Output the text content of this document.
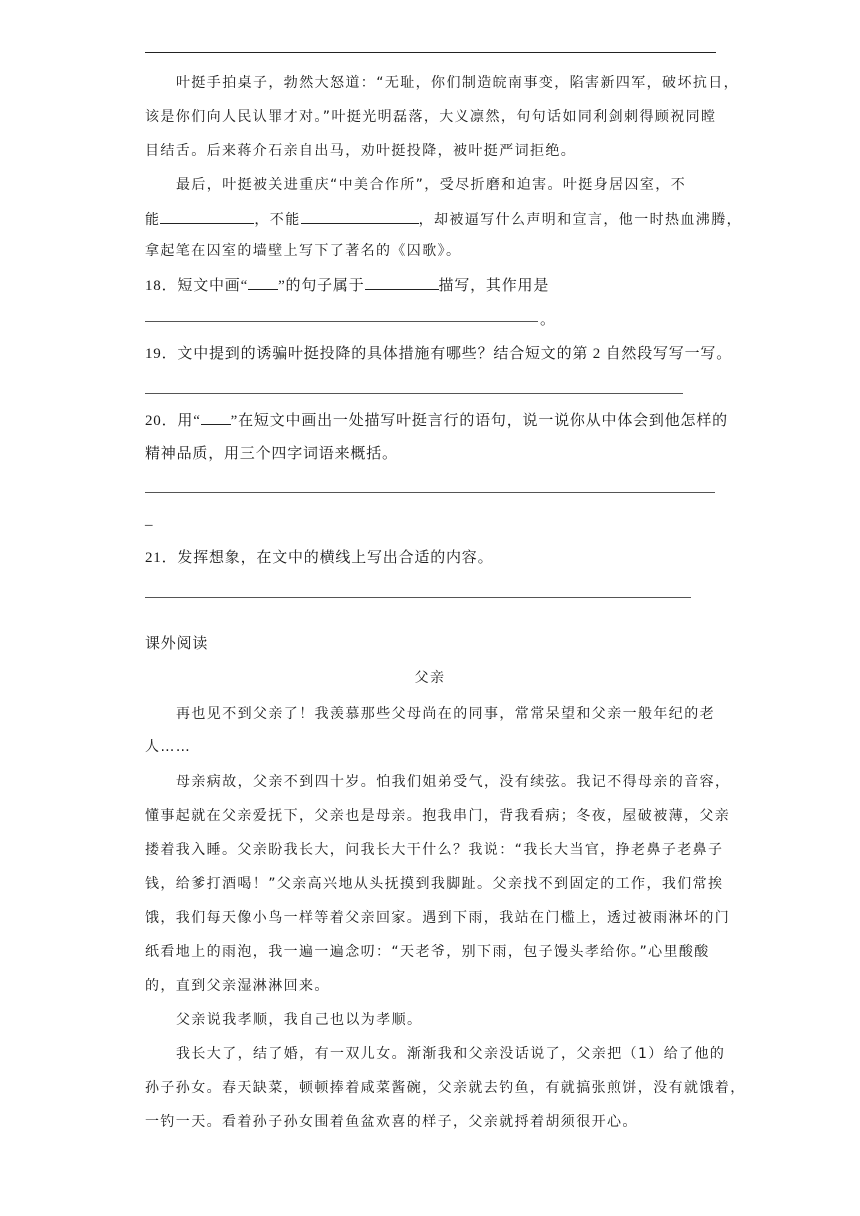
叶挺手拍桌子，勃然大怒道：“无耻，你们制造皖南事变，陷害新四军，破坏抗日，
该是你们向人民认罪才对。”叶挺光明磊落，大义凛然，句句话如同利剑刺得顾祝同瞠
目结舌。后来蒋介石亲自出马，劝叶挺投降，被叶挺严词拒绝。
最后，叶挺被关进重庆“中美合作所”，受尽折磨和迫害。叶挺身居囚室，不
能	，不能	，却被逼写什么声明和宣言，他一时热血沸腾，
拿起笔在囚室的墙壁上写下了著名的《囚歌》。
18．短文中画“ ”的句子属于	描写，其作用是
。
19．文中提到的诱骗叶挺投降的具体措施有哪些？结合短文的第 2 自然段写写一写。
20．用“ ”在短文中画出一处描写叶挺言行的语句，说一说你从中体会到他怎样的
精神品质，用三个四字词语来概括。
_
21．发挥想象，在文中的横线上写出合适的内容。
课外阅读
父亲
再也见不到父亲了！我羡慕那些父母尚在的同事，常常呆望和父亲一般年纪的老
人……
母亲病故，父亲不到四十岁。怕我们姐弟受气，没有续弦。我记不得母亲的音容，
懂事起就在父亲爱抚下，父亲也是母亲。抱我串门，背我看病；冬夜，屋破被薄，父亲
搂着我入睡。父亲盼我长大，问我长大干什么？我说：“我长大当官，挣老鼻子老鼻子
钱，给爹打酒喝！”父亲高兴地从头抚摸到我脚趾。父亲找不到固定的工作，我们常挨
饿，我们每天像小鸟一样等着父亲回家。遇到下雨，我站在门槛上，透过被雨淋坏的门
纸看地上的雨泡，我一遍一遍念叨：“天老爷，别下雨，包子馒头孝给你。”心里酸酸
的，直到父亲湿淋淋回来。
父亲说我孝顺，我自己也以为孝顺。
我长大了，结了婚，有一双儿女。渐渐我和父亲没话说了，父亲把（1）给了他的
孙子孙女。春天缺菜，顿顿捧着咸菜酱碗，父亲就去钓鱼，有就搞张煎饼，没有就饿着，
一钓一天。看着孙子孙女围着鱼盆欢喜的样子，父亲就捋着胡须很开心。
